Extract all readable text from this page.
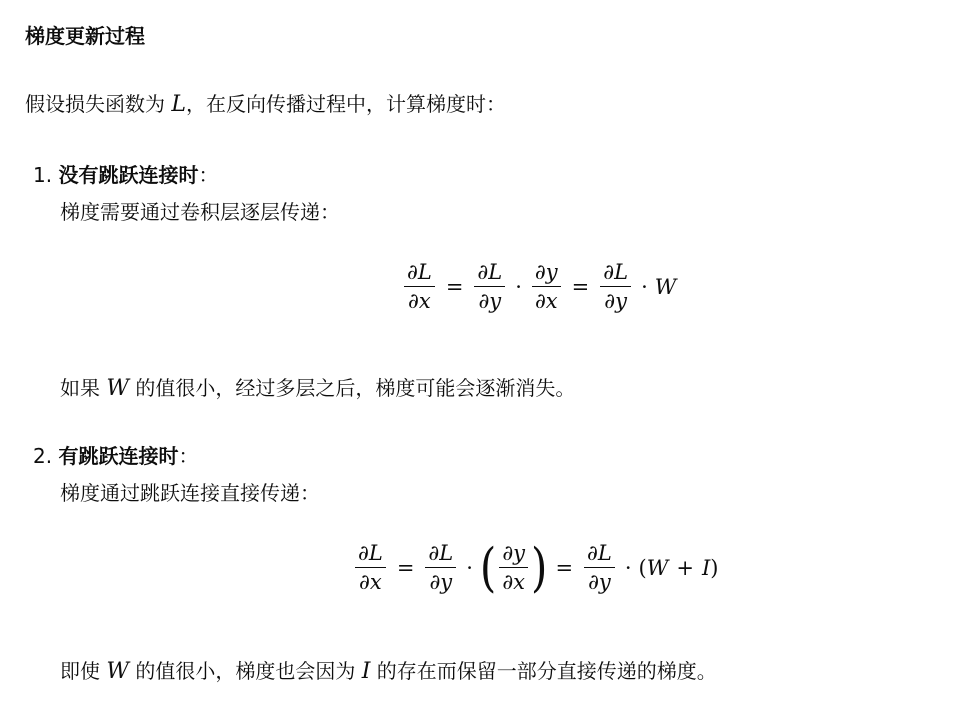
梯度更新过程
假设损失函数为 L，在反向传播过程中，计算梯度时：
1. 没有跳跃连接时：
梯度需要通过卷积层逐层传递：
$\frac{\partial L}{\partial x} = \frac{\partial L}{\partial y} \cdot \frac{\partial y}{\partial x} = \frac{\partial L}{\partial y} \cdot W$
如果 W 的值很小，经过多层之后，梯度可能会逐渐消失。
2. 有跳跃连接时：
梯度通过跳跃连接直接传递：
$\frac{\partial L}{\partial x} = \frac{\partial L}{\partial y}$ · ( $\frac{\partial y}{\partial x}$ ) = $\frac{\partial L}{\partial y}$ · ( W + I )
即使 W 的值很小，梯度也会因为 I 的存在而保留一部分直接传递的梯度。
